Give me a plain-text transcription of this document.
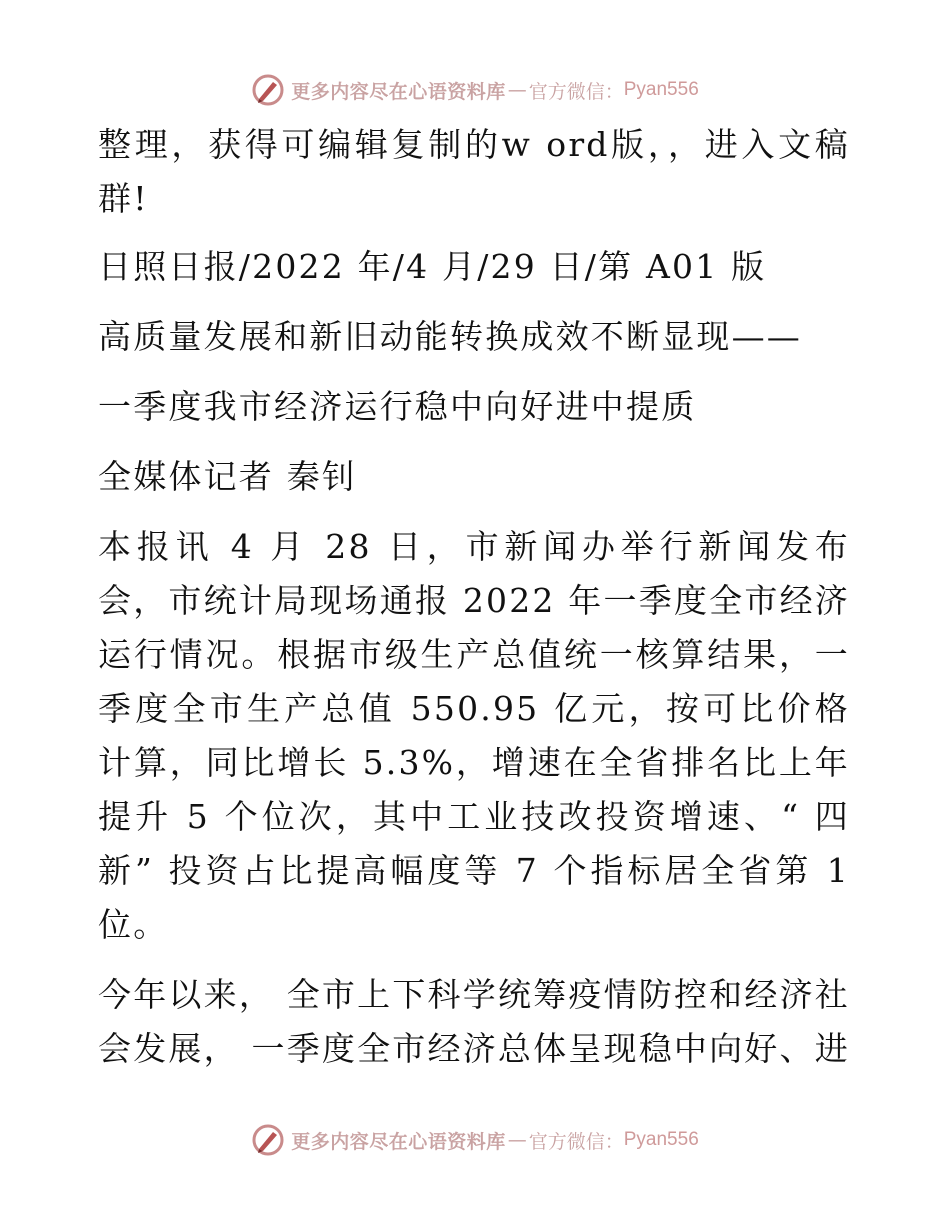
更多内容尽在心语资料库 — 官方微信： Pyan556

整理，获得可编辑复制的w ord版，，进入文稿群!

日照日报/2022 年/4 月/29 日/第 A01 版

高质量发展和新旧动能转换成效不断显现——

一季度我市经济运行稳中向好进中提质

全媒体记者 秦钊

本报讯 4 月 28 日，市新闻办举行新闻发布会，市统计局现场通报 2022 年一季度全市经济运行情况。根据市级生产总值统一核算结果，一季度全市生产总值 550.95 亿元，按可比价格计算，同比增长 5.3%，增速在全省排名比上年提升 5 个位次，其中工业技改投资增速、“ 四新” 投资占比提高幅度等 7 个指标居全省第 1 位。

今年以来， 全市上下科学统筹疫情防控和经济社会发展， 一季度全市经济总体呈现稳中向好、进

更多内容尽在心语资料库 — 官方微信： Pyan556
